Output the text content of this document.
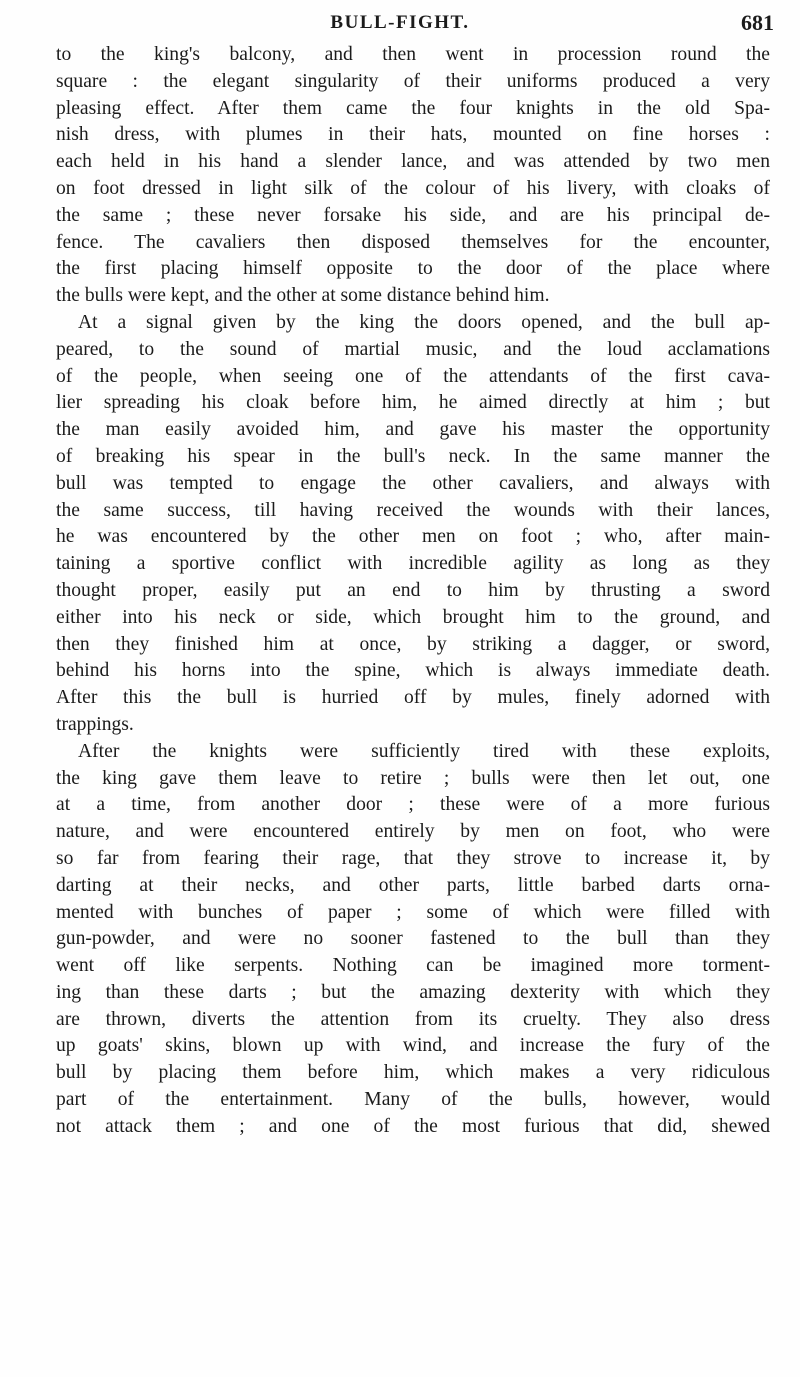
BULL-FIGHT.	681
to the king's balcony, and then went in procession round the
square : the elegant singularity of their uniforms produced a very
pleasing effect. After them came the four knights in the old Spa-
nish dress, with plumes in their hats, mounted on fine horses :
each held in his hand a slender lance, and was attended by two men
on foot dressed in light silk of the colour of his livery, with cloaks of
the same ; these never forsake his side, and are his principal de-
fence. The cavaliers then disposed themselves for the encounter,
the first placing himself opposite to the door of the place where
the bulls were kept, and the other at some distance behind him.
At a signal given by the king the doors opened, and the bull ap-
peared, to the sound of martial music, and the loud acclamations
of the people, when seeing one of the attendants of the first cava-
lier spreading his cloak before him, he aimed directly at him ; but
the man easily avoided him, and gave his master the opportunity
of breaking his spear in the bull's neck. In the same manner the
bull was tempted to engage the other cavaliers, and always with
the same success, till having received the wounds with their lances,
he was encountered by the other men on foot ; who, after main-
taining a sportive conflict with incredible agility as long as they
thought proper, easily put an end to him by thrusting a sword
either into his neck or side, which brought him to the ground, and
then they finished him at once, by striking a dagger, or sword,
behind his horns into the spine, which is always immediate death.
After this the bull is hurried off by mules, finely adorned with
trappings.
After the knights were sufficiently tired with these exploits,
the king gave them leave to retire ; bulls were then let out, one
at a time, from another door ; these were of a more furious
nature, and were encountered entirely by men on foot, who were
so far from fearing their rage, that they strove to increase it, by
darting at their necks, and other parts, little barbed darts orna-
mented with bunches of paper ; some of which were filled with
gun-powder, and were no sooner fastened to the bull than they
went off like serpents. Nothing can be imagined more torment-
ing than these darts ; but the amazing dexterity with which they
are thrown, diverts the attention from its cruelty. They also dress
up goats' skins, blown up with wind, and increase the fury of the
bull by placing them before him, which makes a very ridiculous
part of the entertainment. Many of the bulls, however, would
not attack them ; and one of the most furious that did, shewed
